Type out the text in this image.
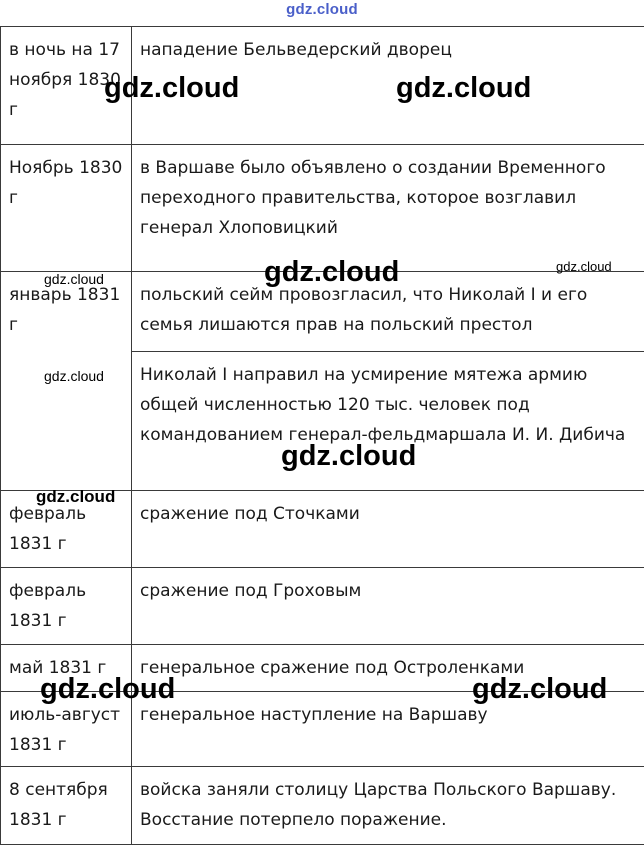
gdz.cloud
в ночь на 17 ноября 1830 г	нападение Бельведерский дворец
Ноябрь 1830 г	в Варшаве было объявлено о создании Временного переходного правительства, которое возглавил генерал Хлоповицкий
январь 1831 г	польский сейм провозгласил, что Николай I и его семья лишаются прав на польский престол
	Николай I направил на усмирение мятежа армию общей численностью 120 тыс. человек под командованием генерал-фельдмаршала И. И. Дибича
февраль 1831 г	сражение под Сточками
февраль 1831 г	сражение под Гроховым
май 1831 г	генеральное сражение под Остроленками
июль-август 1831 г	генеральное наступление на Варшаву
8 сентября 1831 г	войска заняли столицу Царства Польского Варшаву. Восстание потерпело поражение.
gdz.cloud	gdz.cloud
gdz.cloud	gdz.cloud	gdz.cloud
gdz.cloud
gdz.cloud
gdz.cloud
gdz.cloud	gdz.cloud
